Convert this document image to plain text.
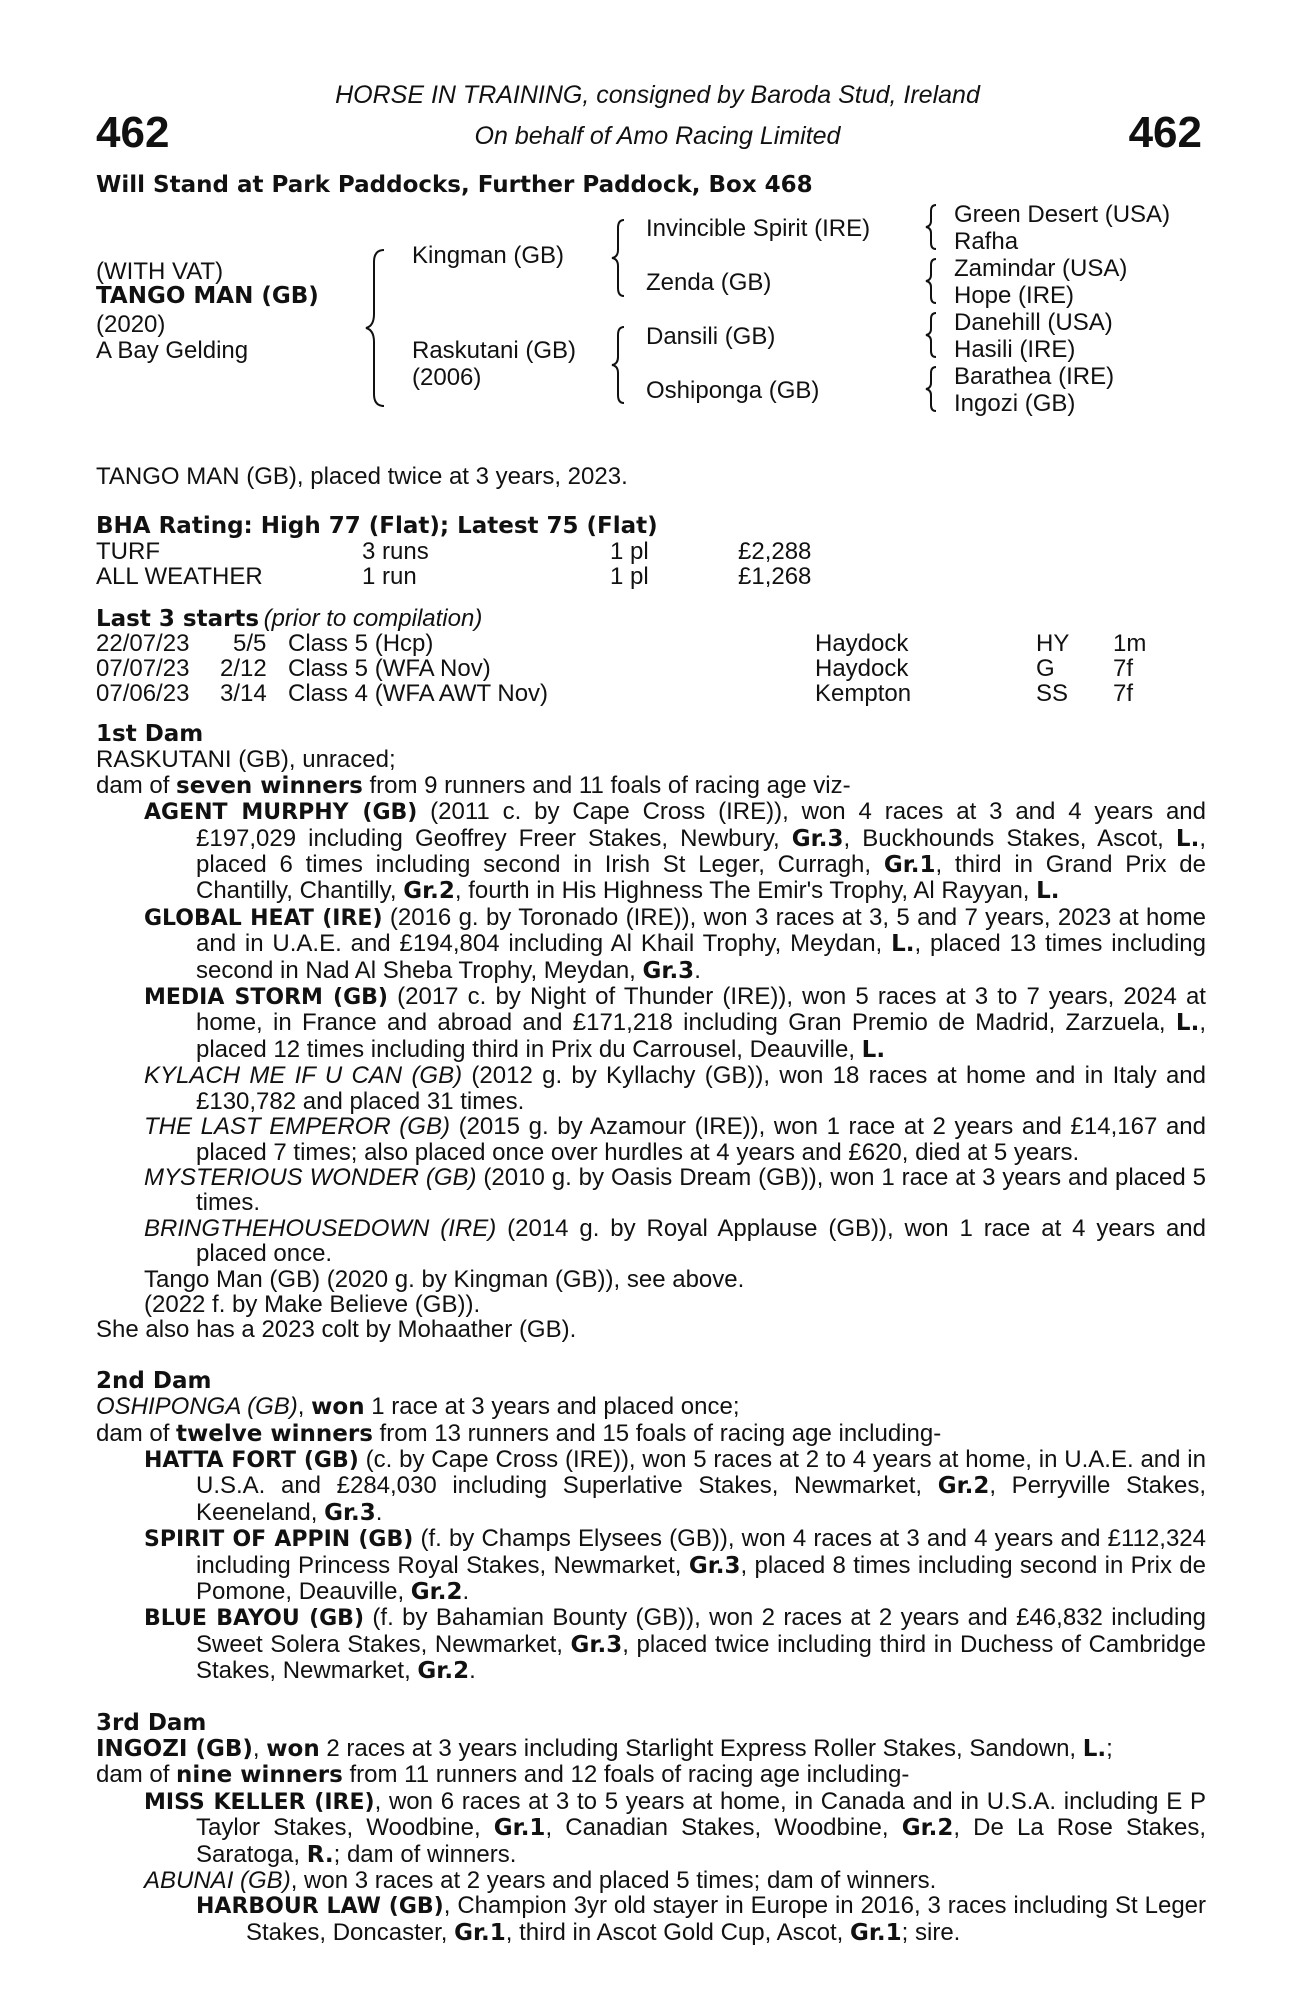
462	462
HORSE IN TRAINING, consigned by Baroda Stud, Ireland
On behalf of Amo Racing Limited
Will Stand at Park Paddocks, Further Paddock, Box 468
(WITH VAT)
TANGO MAN (GB)
(2020)
A Bay Gelding
Kingman (GB)
Raskutani (GB)
(2006)
Invincible Spirit (IRE)
Zenda (GB)
Dansili (GB)
Oshiponga (GB)
Green Desert (USA)
Rafha
Zamindar (USA)
Hope (IRE)
Danehill (USA)
Hasili (IRE)
Barathea (IRE)
Ingozi (GB)
TANGO MAN (GB), placed twice at 3 years, 2023.
BHA Rating: High 77 (Flat); Latest 75 (Flat)
TURF	3 runs	1 pl	£2,288
ALL WEATHER	1 run	1 pl	£1,268
Last 3 starts (prior to compilation)
22/07/23 5/5 Class 5 (Hcp)	Haydock	HY 1m
07/07/23 2/12 Class 5 (WFA Nov)	Haydock	G 7f
07/06/23 3/14 Class 4 (WFA AWT Nov)	Kempton	SS 7f

1st Dam

RASKUTANI (GB), unraced;

dam of seven winners from 9 runners and 11 foals of racing age viz-

AGENT MURPHY (GB) (2011 c. by Cape Cross (IRE)), won 4 races at 3 and 4 years and £197,029 including Geoffrey Freer Stakes, Newbury, Gr.3, Buckhounds Stakes, Ascot, L., placed 6 times including second in Irish St Leger, Curragh, Gr.1, third in Grand Prix de Chantilly, Chantilly, Gr.2, fourth in His Highness The Emir's Trophy, Al Rayyan, L.

GLOBAL HEAT (IRE) (2016 g. by Toronado (IRE)), won 3 races at 3, 5 and 7 years, 2023 at home and in U.A.E. and £194,804 including Al Khail Trophy, Meydan, L., placed 13 times including second in Nad Al Sheba Trophy, Meydan, Gr.3.

MEDIA STORM (GB) (2017 c. by Night of Thunder (IRE)), won 5 races at 3 to 7 years, 2024 at home, in France and abroad and £171,218 including Gran Premio de Madrid, Zarzuela, L., placed 12 times including third in Prix du Carrousel, Deauville, L.

KYLACH ME IF U CAN (GB) (2012 g. by Kyllachy (GB)), won 18 races at home and in Italy and £130,782 and placed 31 times.

THE LAST EMPEROR (GB) (2015 g. by Azamour (IRE)), won 1 race at 2 years and £14,167 and placed 7 times; also placed once over hurdles at 4 years and £620, died at 5 years.

MYSTERIOUS WONDER (GB) (2010 g. by Oasis Dream (GB)), won 1 race at 3 years and placed 5 times.

BRINGTHEHOUSEDOWN (IRE) (2014 g. by Royal Applause (GB)), won 1 race at 4 years and placed once.

Tango Man (GB) (2020 g. by Kingman (GB)), see above.

(2022 f. by Make Believe (GB)).

She also has a 2023 colt by Mohaather (GB).

2nd Dam

OSHIPONGA (GB), won 1 race at 3 years and placed once;

dam of twelve winners from 13 runners and 15 foals of racing age including-

HATTA FORT (GB) (c. by Cape Cross (IRE)), won 5 races at 2 to 4 years at home, in U.A.E. and in U.S.A. and £284,030 including Superlative Stakes, Newmarket, Gr.2, Perryville Stakes, Keeneland, Gr.3.

SPIRIT OF APPIN (GB) (f. by Champs Elysees (GB)), won 4 races at 3 and 4 years and £112,324 including Princess Royal Stakes, Newmarket, Gr.3, placed 8 times including second in Prix de Pomone, Deauville, Gr.2.

BLUE BAYOU (GB) (f. by Bahamian Bounty (GB)), won 2 races at 2 years and £46,832 including Sweet Solera Stakes, Newmarket, Gr.3, placed twice including third in Duchess of Cambridge Stakes, Newmarket, Gr.2.

3rd Dam

INGOZI (GB), won 2 races at 3 years including Starlight Express Roller Stakes, Sandown, L.;

dam of nine winners from 11 runners and 12 foals of racing age including-

MISS KELLER (IRE), won 6 races at 3 to 5 years at home, in Canada and in U.S.A. including E P Taylor Stakes, Woodbine, Gr.1, Canadian Stakes, Woodbine, Gr.2, De La Rose Stakes, Saratoga, R.; dam of winners.

ABUNAI (GB), won 3 races at 2 years and placed 5 times; dam of winners.

HARBOUR LAW (GB), Champion 3yr old stayer in Europe in 2016, 3 races including St Leger Stakes, Doncaster, Gr.1, third in Ascot Gold Cup, Ascot, Gr.1; sire.
